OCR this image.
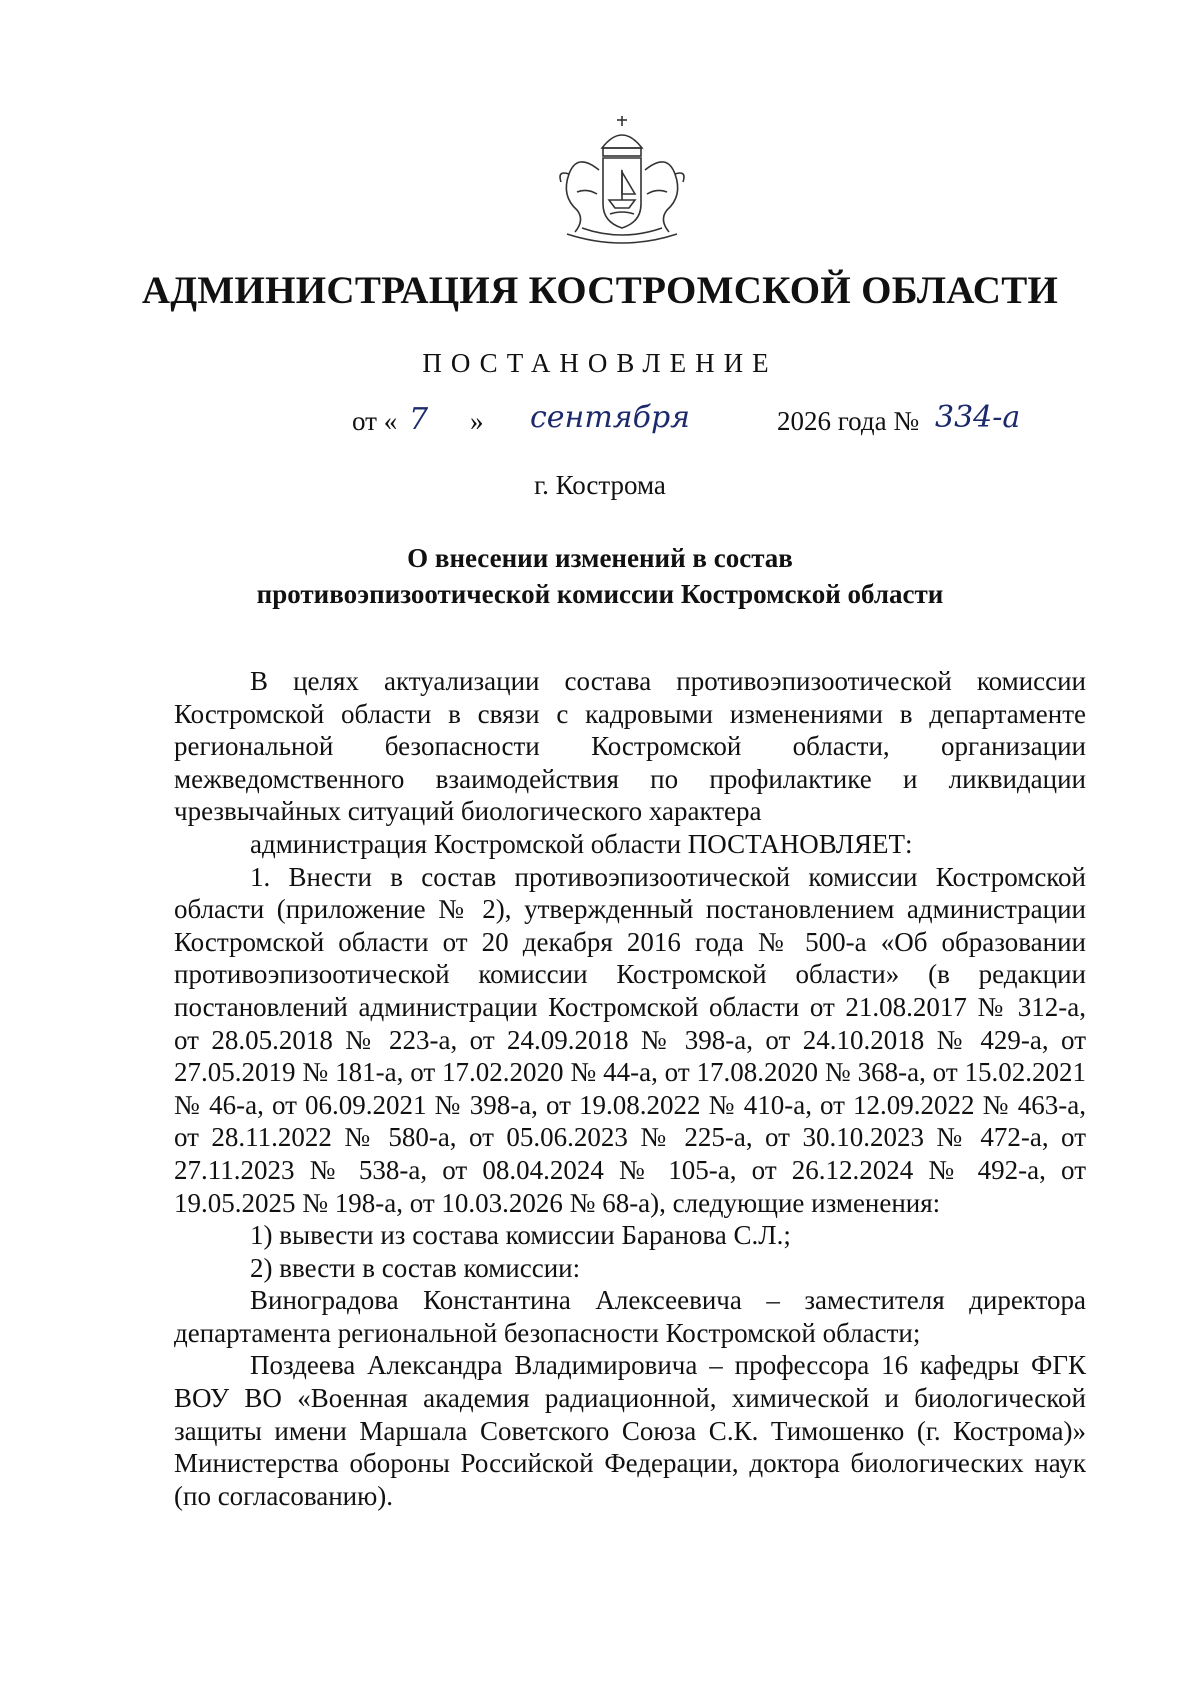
АДМИНИСТРАЦИЯ КОСТРОМСКОЙ ОБЛАСТИ
ПОСТАНОВЛЕНИЕ
от « 7 » сентября	2026 года № 334-а
г. Кострома
О внесении изменений в состав
противоэпизоотической комиссии Костромской области

В целях актуализации состава противоэпизоотической комиссии Костромской области в связи с кадровыми изменениями в департаменте региональной безопасности Костромской области, организации межведомственного взаимодействия по профилактике и ликвидации чрезвычайных ситуаций биологического характера

администрация Костромской области ПОСТАНОВЛЯЕТ:

1. Внести в состав противоэпизоотической комиссии Костромской области (приложение № 2), утвержденный постановлением администрации Костромской области от 20 декабря 2016 года № 500-а «Об образовании противоэпизоотической комиссии Костромской области» (в редакции постановлений администрации Костромской области от 21.08.2017 № 312-а, от 28.05.2018 № 223-а, от 24.09.2018 № 398-а, от 24.10.2018 № 429-а, от 27.05.2019 № 181-а, от 17.02.2020 № 44-а, от 17.08.2020 № 368-а, от 15.02.2021 № 46-а, от 06.09.2021 № 398-а, от 19.08.2022 № 410-а, от 12.09.2022 № 463-а, от 28.11.2022 № 580-а, от 05.06.2023 № 225-а, от 30.10.2023 № 472-а, от 27.11.2023 № 538-а, от 08.04.2024 № 105-а, от 26.12.2024 № 492-а, от 19.05.2025 № 198-а, от 10.03.2026 № 68-а), следующие изменения:

1) вывести из состава комиссии Баранова С.Л.;

2) ввести в состав комиссии:

Виноградова Константина Алексеевича – заместителя директора департамента региональной безопасности Костромской области;

Поздеева Александра Владимировича – профессора 16 кафедры ФГК ВОУ ВО «Военная академия радиационной, химической и биологической защиты имени Маршала Советского Союза С.К. Тимошенко (г. Кострома)» Министерства обороны Российской Федерации, доктора биологических наук (по согласованию).
